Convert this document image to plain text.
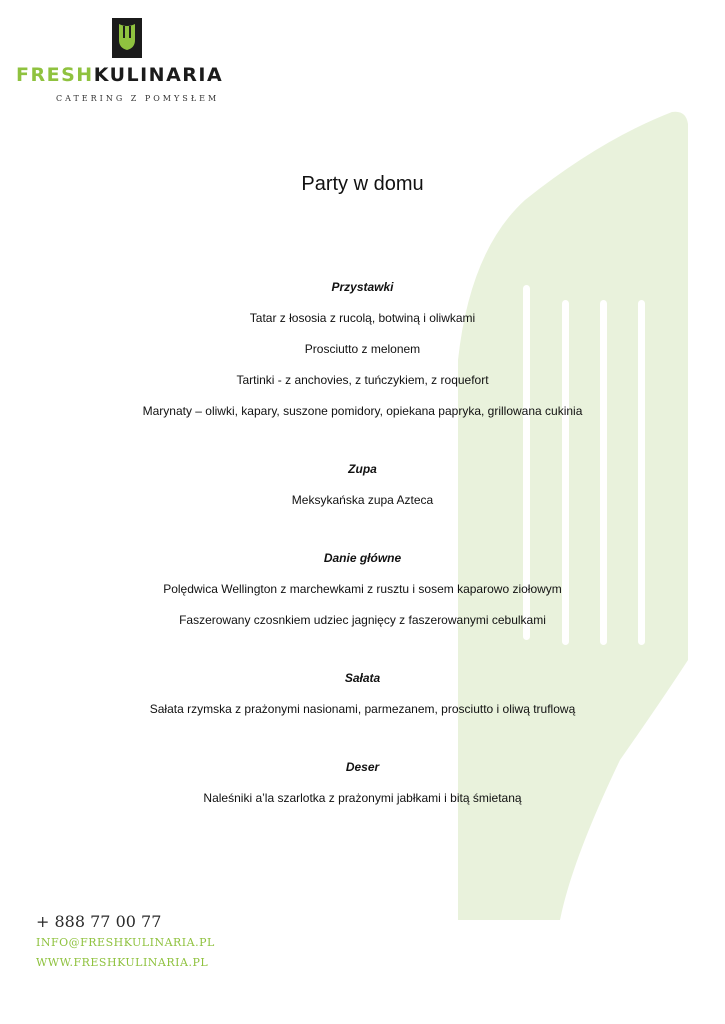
FRESHKULINARIA
CATERING Z POMYSŁEM
Party w domu
Przystawki
Tatar z łososia z rucolą, botwiną i oliwkami
Prosciutto z melonem
Tartinki - z anchovies, z tuńczykiem, z roquefort
Marynaty – oliwki, kapary, suszone pomidory, opiekana papryka, grillowana cukinia
Zupa
Meksykańska zupa Azteca
Danie główne
Polędwica Wellington z marchewkami z rusztu i sosem kaparowo ziołowym
Faszerowany czosnkiem udziec jagnięcy z faszerowanymi cebulkami
Sałata
Sałata rzymska z prażonymi nasionami, parmezanem, prosciutto i oliwą truflową
Deser
Naleśniki a’la szarlotka z prażonymi jabłkami i bitą śmietaną
+ 888 77 00 77
INFO@FRESHKULINARIA.PL
WWW.FRESHKULINARIA.PL
